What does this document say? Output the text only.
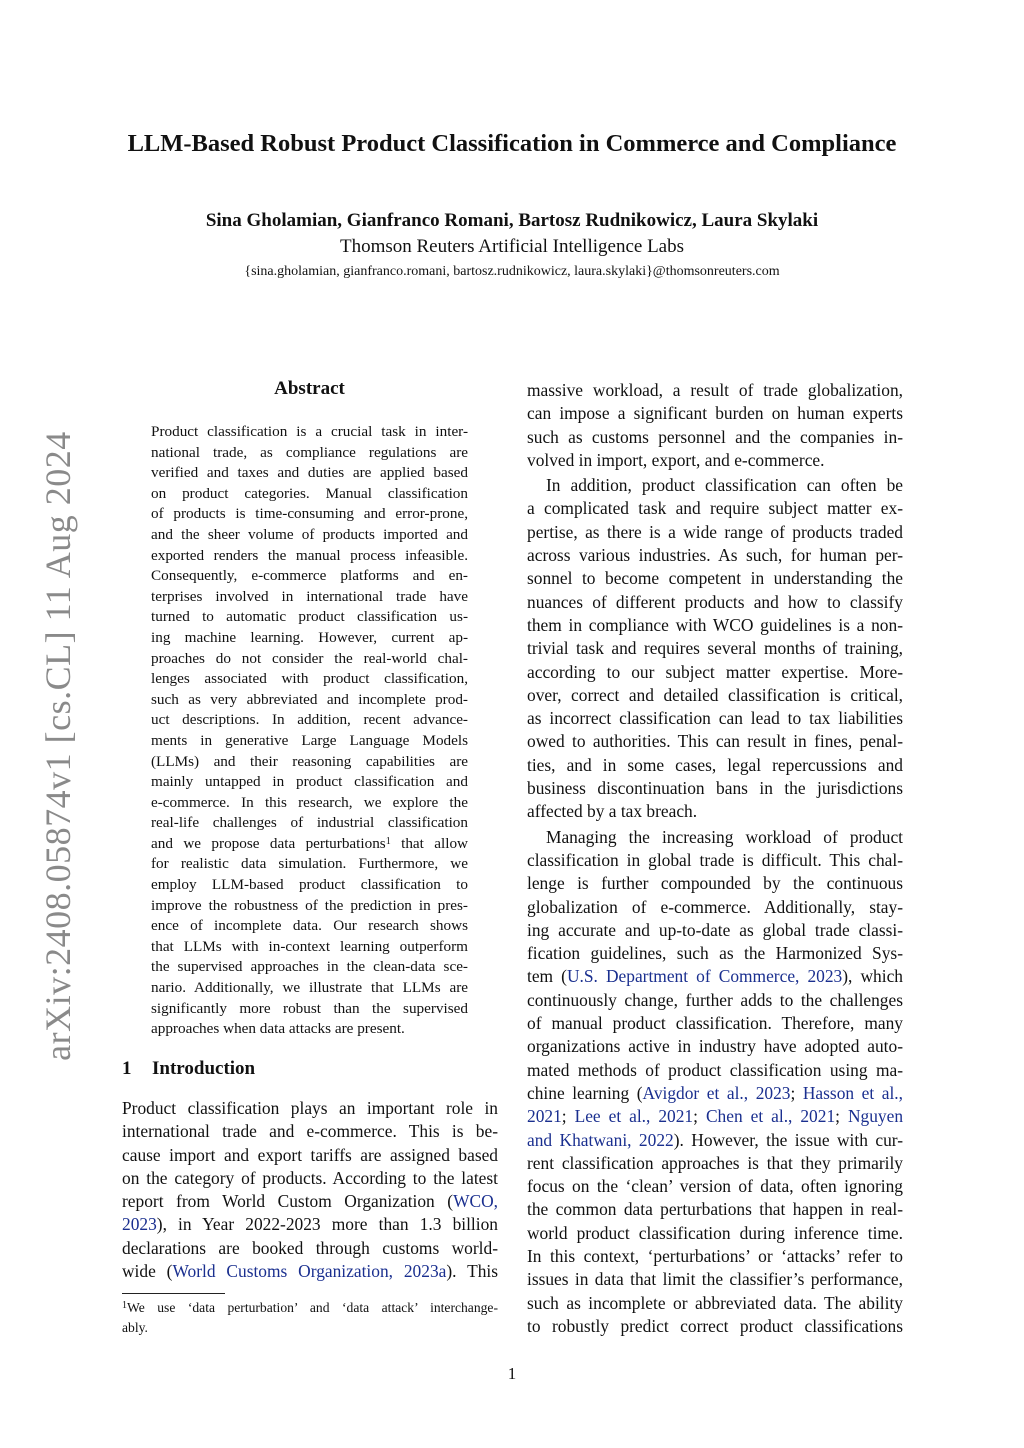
arXiv:2408.05874v1 [cs.CL] 11 Aug 2024
LLM-Based Robust Product Classification in Commerce and Compliance
Sina Gholamian, Gianfranco Romani, Bartosz Rudnikowicz, Laura Skylaki
Thomson Reuters Artificial Intelligence Labs
{sina.gholamian, gianfranco.romani, bartosz.rudnikowicz, laura.skylaki}@thomsonreuters.com
Abstract
Product classification is a crucial task in inter-
national trade, as compliance regulations are
verified and taxes and duties are applied based
on product categories. Manual classification
of products is time-consuming and error-prone,
and the sheer volume of products imported and
exported renders the manual process infeasible.
Consequently, e-commerce platforms and en-
terprises involved in international trade have
turned to automatic product classification us-
ing machine learning. However, current ap-
proaches do not consider the real-world chal-
lenges associated with product classification,
such as very abbreviated and incomplete prod-
uct descriptions. In addition, recent advance-
ments in generative Large Language Models
(LLMs) and their reasoning capabilities are
mainly untapped in product classification and
e-commerce. In this research, we explore the
real-life challenges of industrial classification
and we propose data perturbations$^1$ that allow
for realistic data simulation. Furthermore, we
employ LLM-based product classification to
improve the robustness of the prediction in pres-
ence of incomplete data. Our research shows
that LLMs with in-context learning outperform
the supervised approaches in the clean-data sce-
nario. Additionally, we illustrate that LLMs are
significantly more robust than the supervised
approaches when data attacks are present.
1 Introduction
Product classification plays an important role in
international trade and e-commerce. This is be-
cause import and export tariffs are assigned based
on the category of products. According to the latest
report from World Custom Organization (WCO,
2023), in Year 2022-2023 more than 1.3 billion
declarations are booked through customs world-
wide (World Customs Organization, 2023a). This
$^1$We use ‘data perturbation’ and ‘data attack’ interchange-
ably.
massive workload, a result of trade globalization,
can impose a significant burden on human experts
such as customs personnel and the companies in-
volved in import, export, and e-commerce.
In addition, product classification can often be
a complicated task and require subject matter ex-
pertise, as there is a wide range of products traded
across various industries. As such, for human per-
sonnel to become competent in understanding the
nuances of different products and how to classify
them in compliance with WCO guidelines is a non-
trivial task and requires several months of training,
according to our subject matter expertise. More-
over, correct and detailed classification is critical,
as incorrect classification can lead to tax liabilities
owed to authorities. This can result in fines, penal-
ties, and in some cases, legal repercussions and
business discontinuation bans in the jurisdictions
affected by a tax breach.
Managing the increasing workload of product
classification in global trade is difficult. This chal-
lenge is further compounded by the continuous
globalization of e-commerce. Additionally, stay-
ing accurate and up-to-date as global trade classi-
fication guidelines, such as the Harmonized Sys-
tem (U.S. Department of Commerce, 2023), which
continuously change, further adds to the challenges
of manual product classification. Therefore, many
organizations active in industry have adopted auto-
mated methods of product classification using ma-
chine learning (Avigdor et al., 2023; Hasson et al.,
2021; Lee et al., 2021; Chen et al., 2021; Nguyen
and Khatwani, 2022). However, the issue with cur-
rent classification approaches is that they primarily
focus on the ‘clean’ version of data, often ignoring
the common data perturbations that happen in real-
world product classification during inference time.
In this context, ‘perturbations’ or ‘attacks’ refer to
issues in data that limit the classifier’s performance,
such as incomplete or abbreviated data. The ability
to robustly predict correct product classifications
1
